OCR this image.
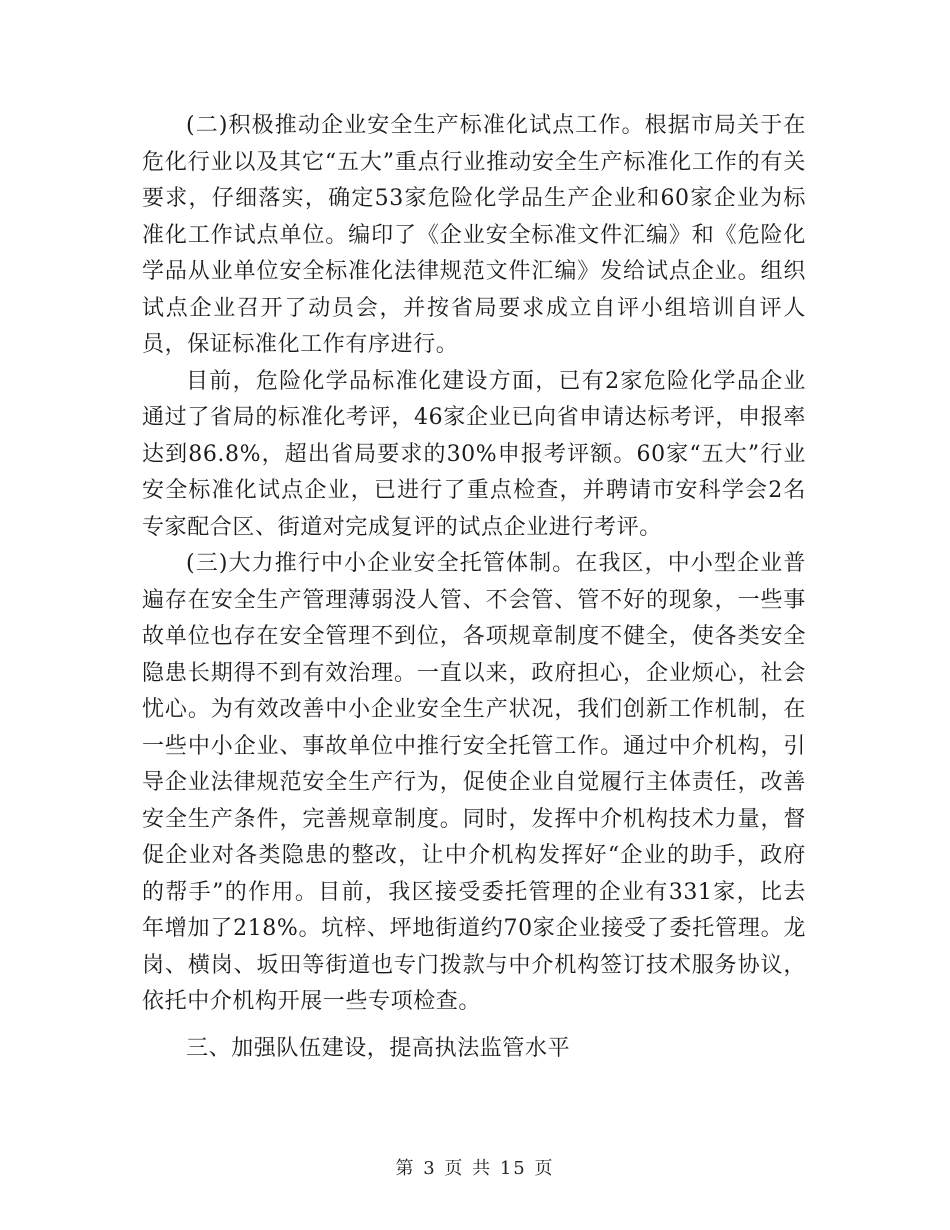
(二)积极推动企业安全生产标准化试点工作。根据市局关于在危化行业以及其它“五大”重点行业推动安全生产标准化工作的有关要求，仔细落实，确定53家危险化学品生产企业和60家企业为标准化工作试点单位。编印了《企业安全标准文件汇编》和《危险化学品从业单位安全标准化法律规范文件汇编》发给试点企业。组织试点企业召开了动员会，并按省局要求成立自评小组培训自评人员，保证标准化工作有序进行。

目前，危险化学品标准化建设方面，已有2家危险化学品企业通过了省局的标准化考评，46家企业已向省申请达标考评，申报率达到86.8%，超出省局要求的30%申报考评额。60家“五大”行业安全标准化试点企业，已进行了重点检查，并聘请市安科学会2名专家配合区、街道对完成复评的试点企业进行考评。

(三)大力推行中小企业安全托管体制。在我区，中小型企业普遍存在安全生产管理薄弱没人管、不会管、管不好的现象，一些事故单位也存在安全管理不到位，各项规章制度不健全，使各类安全隐患长期得不到有效治理。一直以来，政府担心，企业烦心，社会忧心。为有效改善中小企业安全生产状况，我们创新工作机制，在一些中小企业、事故单位中推行安全托管工作。通过中介机构，引导企业法律规范安全生产行为，促使企业自觉履行主体责任，改善安全生产条件，完善规章制度。同时，发挥中介机构技术力量，督促企业对各类隐患的整改，让中介机构发挥好“企业的助手，政府的帮手”的作用。目前，我区接受委托管理的企业有331家，比去年增加了218%。坑梓、坪地街道约70家企业接受了委托管理。龙岗、横岗、坂田等街道也专门拨款与中介机构签订技术服务协议，依托中介机构开展一些专项检查。

三、加强队伍建设，提高执法监管水平

第 3 页 共 15 页
